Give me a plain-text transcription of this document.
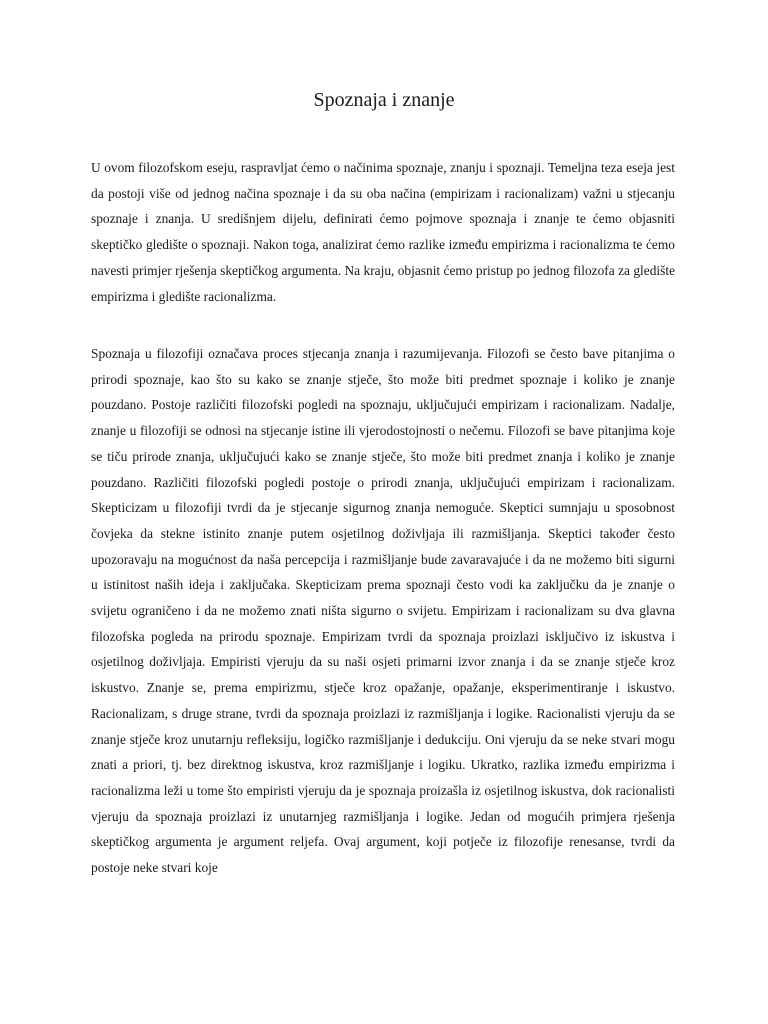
Spoznaja i znanje

U ovom filozofskom eseju, raspravljat ćemo o načinima spoznaje, znanju i spoznaji. Temeljna teza eseja jest da postoji više od jednog načina spoznaje i da su oba načina (empirizam i racionalizam) važni u stjecanju spoznaje i znanja. U središnjem dijelu, definirati ćemo pojmove spoznaja i znanje te ćemo objasniti skeptičko gledište o spoznaji. Nakon toga, analizirat ćemo razlike između empirizma i racionalizma te ćemo navesti primjer rješenja skeptičkog argumenta. Na kraju, objasnit ćemo pristup po jednog filozofa za gledište empirizma i gledište racionalizma.

Spoznaja u filozofiji označava proces stjecanja znanja i razumijevanja. Filozofi se često bave pitanjima o prirodi spoznaje, kao što su kako se znanje stječe, što može biti predmet spoznaje i koliko je znanje pouzdano. Postoje različiti filozofski pogledi na spoznaju, uključujući empirizam i racionalizam. Nadalje, znanje u filozofiji se odnosi na stjecanje istine ili vjerodostojnosti o nečemu. Filozofi se bave pitanjima koje se tiču prirode znanja, uključujući kako se znanje stječe, što može biti predmet znanja i koliko je znanje pouzdano. Različiti filozofski pogledi postoje o prirodi znanja, uključujući empirizam i racionalizam. Skepticizam u filozofiji tvrdi da je stjecanje sigurnog znanja nemoguće. Skeptici sumnjaju u sposobnost čovjeka da stekne istinito znanje putem osjetilnog doživljaja ili razmišljanja. Skeptici također često upozoravaju na mogućnost da naša percepcija i razmišljanje bude zavaravajuće i da ne možemo biti sigurni u istinitost naših ideja i zaključaka. Skepticizam prema spoznaji često vodi ka zaključku da je znanje o svijetu ograničeno i da ne možemo znati ništa sigurno o svijetu. Empirizam i racionalizam su dva glavna filozofska pogleda na prirodu spoznaje. Empirizam tvrdi da spoznaja proizlazi isključivo iz iskustva i osjetilnog doživljaja. Empiristi vjeruju da su naši osjeti primarni izvor znanja i da se znanje stječe kroz iskustvo. Znanje se, prema empirizmu, stječe kroz opažanje, opažanje, eksperimentiranje i iskustvo. Racionalizam, s druge strane, tvrdi da spoznaja proizlazi iz razmišljanja i logike. Racionalisti vjeruju da se znanje stječe kroz unutarnju refleksiju, logičko razmišljanje i dedukciju. Oni vjeruju da se neke stvari mogu znati a priori, tj. bez direktnog iskustva, kroz razmišljanje i logiku. Ukratko, razlika između empirizma i racionalizma leži u tome što empiristi vjeruju da je spoznaja proizašla iz osjetilnog iskustva, dok racionalisti vjeruju da spoznaja proizlazi iz unutarnjeg razmišljanja i logike. Jedan od mogućih primjera rješenja skeptičkog argumenta je argument reljefa. Ovaj argument, koji potječe iz filozofije renesanse, tvrdi da postoje neke stvari koje
